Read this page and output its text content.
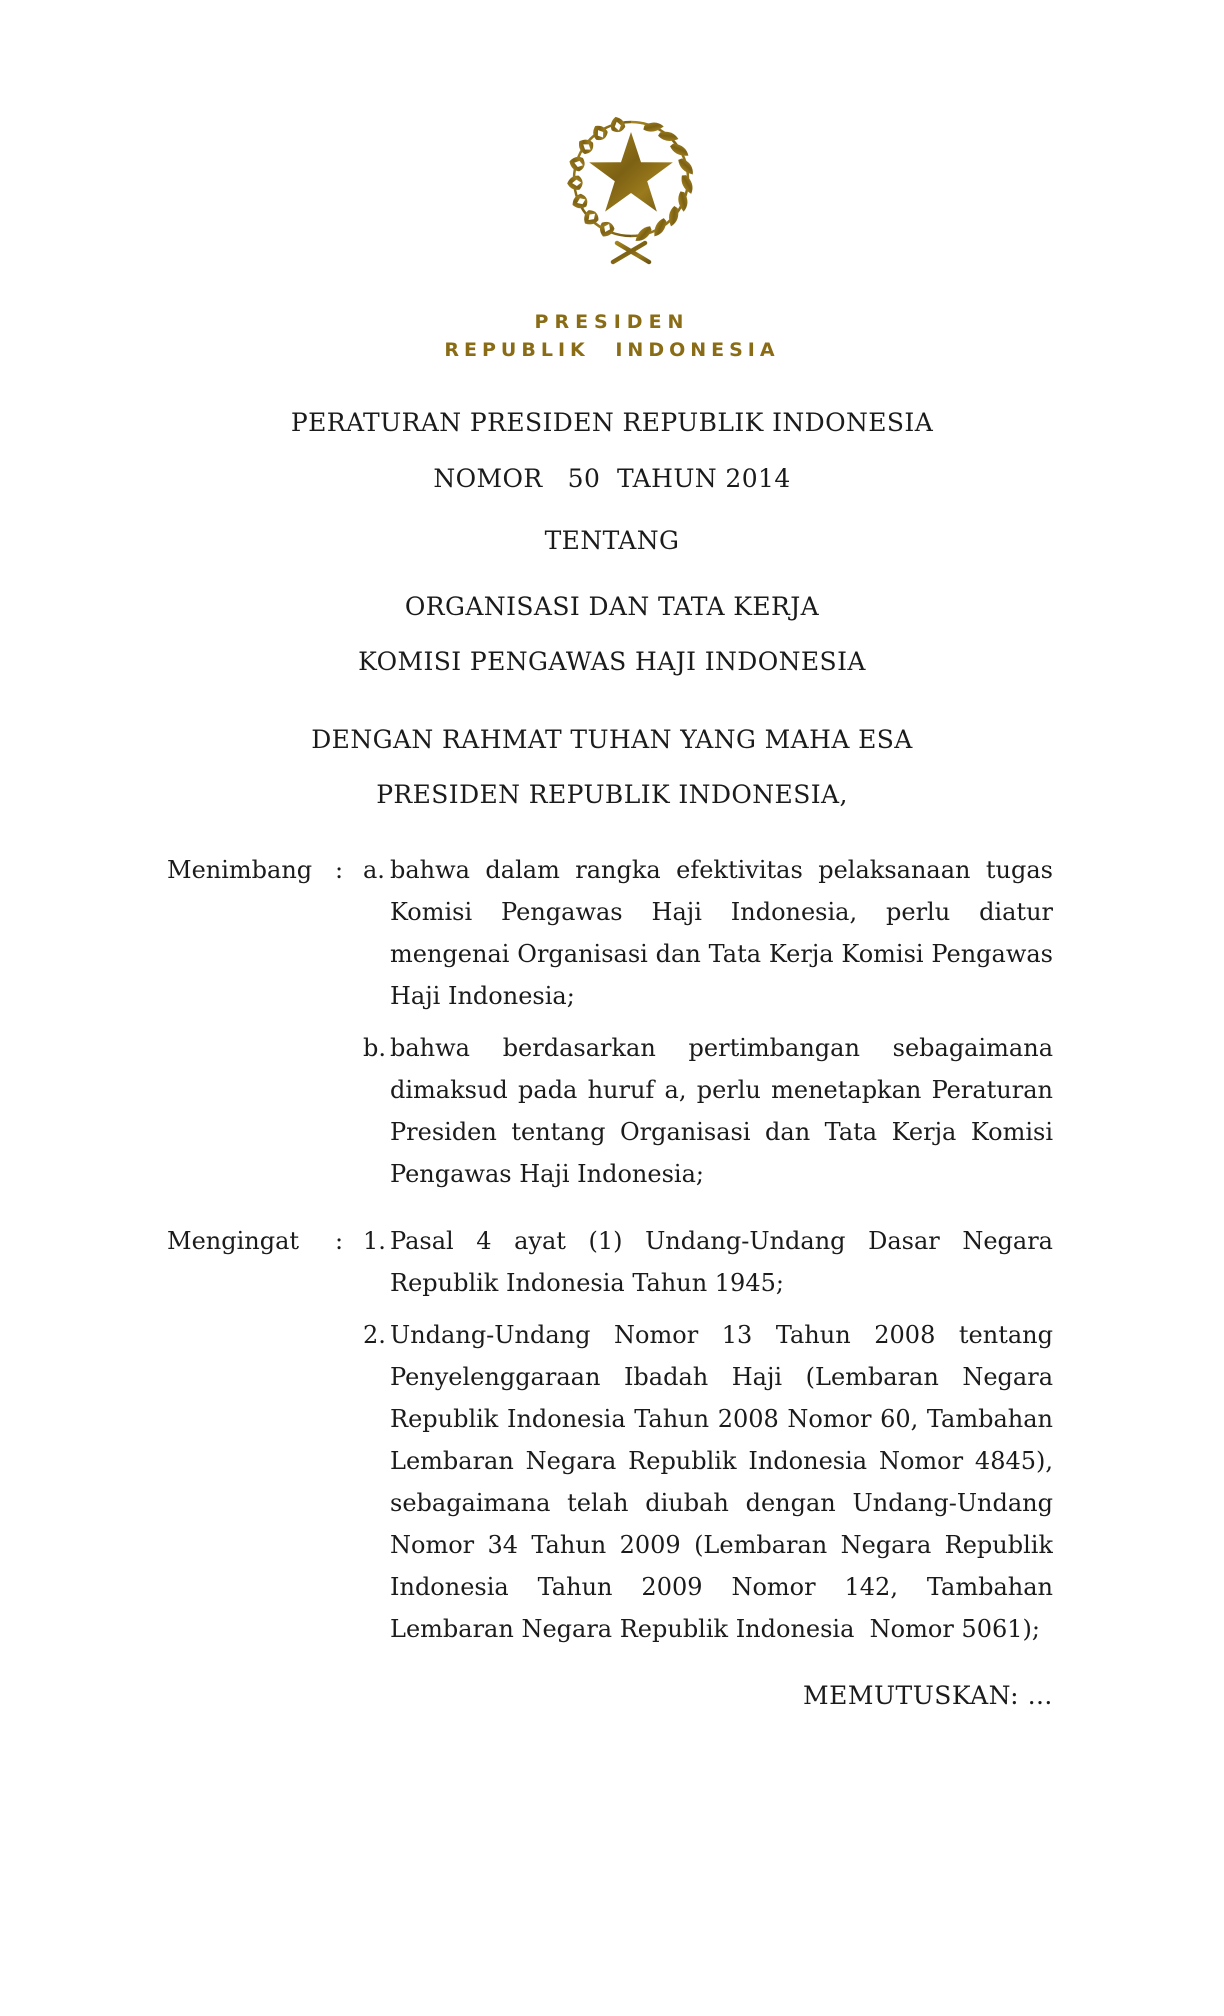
PRESIDEN
REPUBLIK INDONESIA
PERATURAN PRESIDEN REPUBLIK INDONESIA
NOMOR   50  TAHUN 2014
TENTANG
ORGANISASI DAN TATA KERJA
KOMISI PENGAWAS HAJI INDONESIA
DENGAN RAHMAT TUHAN YANG MAHA ESA
PRESIDEN REPUBLIK INDONESIA,
Menimbang : a. bahwa dalam rangka efektivitas pelaksanaan tugas
Komisi Pengawas Haji Indonesia, perlu diatur
mengenai Organisasi dan Tata Kerja Komisi Pengawas
Haji Indonesia;
b. bahwa berdasarkan pertimbangan sebagaimana
dimaksud pada huruf a, perlu menetapkan Peraturan
Presiden tentang Organisasi dan Tata Kerja Komisi
Pengawas Haji Indonesia;
Mengingat : 1. Pasal 4 ayat (1) Undang-Undang Dasar Negara
Republik Indonesia Tahun 1945;
2. Undang-Undang Nomor 13 Tahun 2008 tentang
Penyelenggaraan Ibadah Haji (Lembaran Negara
Republik Indonesia Tahun 2008 Nomor 60, Tambahan
Lembaran Negara Republik Indonesia Nomor 4845),
sebagaimana telah diubah dengan Undang-Undang
Nomor 34 Tahun 2009 (Lembaran Negara Republik
Indonesia Tahun 2009 Nomor 142, Tambahan
Lembaran Negara Republik Indonesia  Nomor 5061);
MEMUTUSKAN: …
